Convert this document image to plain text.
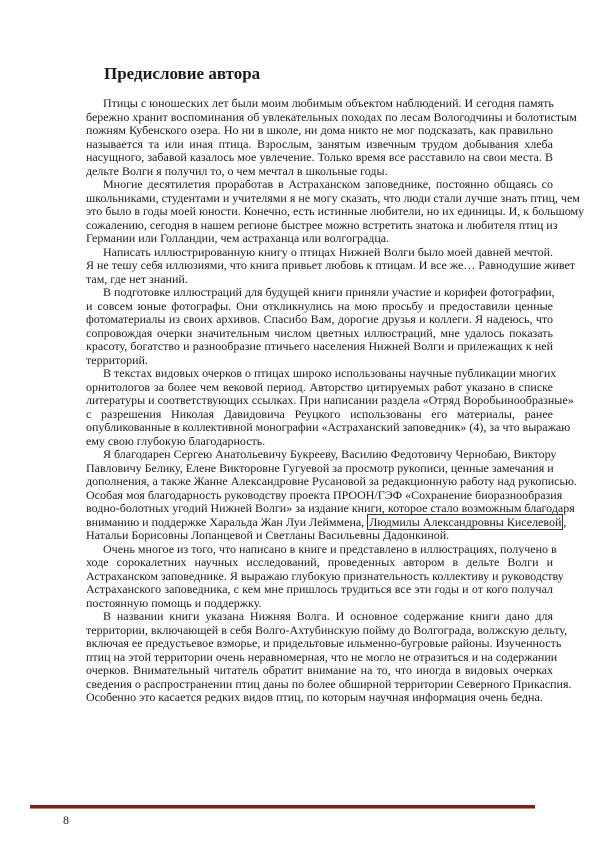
Предисловие автора
Птицы с юношеских лет были моим любимым объектом наблюдений. И сегодня память
бережно хранит воспоминания об увлекательных походах по лесам Вологодчины и болотистым
пожням Кубенского озера. Но ни в школе, ни дома никто не мог подсказать, как правильно
называется та или иная птица. Взрослым, занятым извечным трудом добывания хлеба
насущного, забавой казалось мое увлечение. Только время все расставило на свои места. В
дельте Волги я получил то, о чем мечтал в школьные годы.
Многие десятилетия проработав в Астраханском заповеднике, постоянно общаясь со
школьниками, студентами и учителями я не могу сказать, что люди стали лучше знать птиц, чем
это было в годы моей юности. Конечно, есть истинные любители, но их единицы. И, к большому
сожалению, сегодня в нашем регионе быстрее можно встретить знатока и любителя птиц из
Германии или Голландии, чем астраханца или волгоградца.
Написать иллюстрированную книгу о птицах Нижней Волги было моей давней мечтой.
Я не тешу себя иллюзиями, что книга привьет любовь к птицам. И все же… Равнодушие живет
там, где нет знаний.
В подготовке иллюстраций для будущей книги приняли участие и корифеи фотографии,
и совсем юные фотографы. Они откликнулись на мою просьбу и предоставили ценные
фотоматериалы из своих архивов. Спасибо Вам, дорогие друзья и коллеги. Я надеюсь, что
сопровождая очерки значительным числом цветных иллюстраций, мне удалось показать
красоту, богатство и разнообразие птичьего населения Нижней Волги и прилежащих к ней
территорий.
В текстах видовых очерков о птицах широко использованы научные публикации многих
орнитологов за более чем вековой период. Авторство цитируемых работ указано в списке
литературы и соответствующих ссылках. При написании раздела «Отряд Воробьинообразные»
с разрешения Николая Давидовича Реуцкого использованы его материалы, ранее
опубликованные в коллективной монографии «Астраханский заповедник» (4), за что выражаю
ему свою глубокую благодарность.
Я благодарен Сергею Анатольевичу Букрееву, Василию Федотовичу Чернобаю, Виктору
Павловичу Белику, Елене Викторовне Гугуевой за просмотр рукописи, ценные замечания и
дополнения, а также Жанне Александровне Русановой за редакционную работу над рукописью.
Особая моя благодарность руководству проекта ПРООН/ГЭФ «Сохранение биоразнообразия
водно-болотных угодий Нижней Волги» за издание книги, которое стало возможным благодаря
вниманию и поддержке Харальда Жан Луи Лейммена, Людмилы Александровны Киселевой ,
Натальи Борисовны Лопанцевой и Светланы Васильевны Дадонкиной.
Очень многое из того, что написано в книге и представлено в иллюстрациях, получено в
ходе сорокалетних научных исследований, проведенных автором в дельте Волги и
Астраханском заповеднике. Я выражаю глубокую признательность коллективу и руководству
Астраханского заповедника, с кем мне пришлось трудиться все эти годы и от кого получал
постоянную помощь и поддержку.
В названии книги указана Нижняя Волга. И основное содержание книги дано для
территории, включающей в себя Волго-Ахтубинскую пойму до Волгограда, волжскую дельту,
включая ее предустьевое взморье, и придельтовые ильменно-бугровые районы. Изученность
птиц на этой территории очень неравномерная, что не могло не отразиться и на содержании
очерков. Внимательный читатель обратит внимание на то, что иногда в видовых очерках
сведения о распространении птиц даны по более обширной территории Северного Прикаспия.
Особенно это касается редких видов птиц, по которым научная информация очень бедна.
8
